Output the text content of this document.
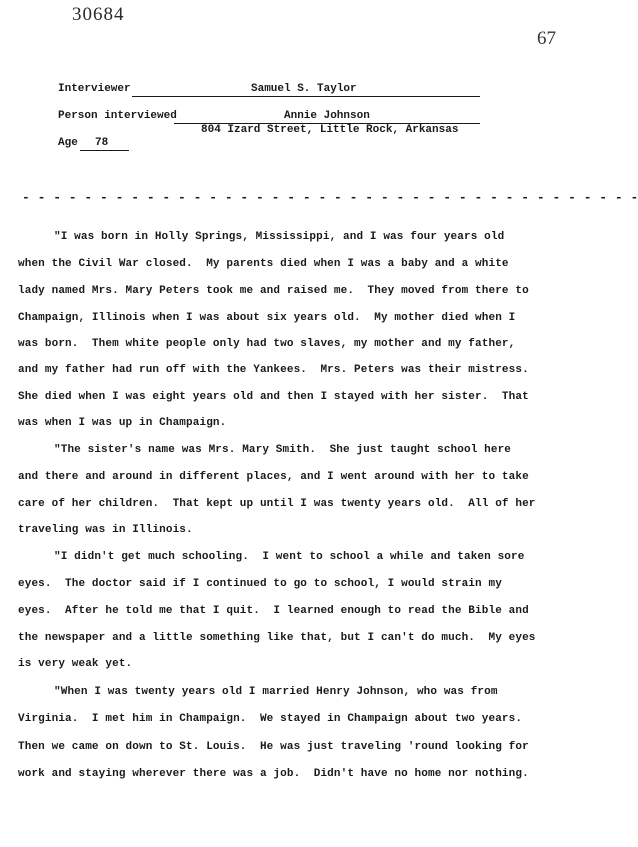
30684
67
Interviewer	Samuel S. Taylor
Person interviewed	Annie Johnson
804 Izard Street, Little Rock, Arkansas
Age 78
- - - - - - - - - - - - - - - - - - - - - - - - - - - - - - - - - - - - - - - -
"I was born in Holly Springs, Mississippi, and I was four years old
when the Civil War closed.  My parents died when I was a baby and a white
lady named Mrs. Mary Peters took me and raised me.  They moved from there to
Champaign, Illinois when I was about six years old.  My mother died when I
was born.  Them white people only had two slaves, my mother and my father,
and my father had run off with the Yankees.  Mrs. Peters was their mistress.
She died when I was eight years old and then I stayed with her sister.  That
was when I was up in Champaign.
"The sister's name was Mrs. Mary Smith.  She just taught school here
and there and around in different places, and I went around with her to take
care of her children.  That kept up until I was twenty years old.  All of her
traveling was in Illinois.
"I didn't get much schooling.  I went to school a while and taken sore
eyes.  The doctor said if I continued to go to school, I would strain my
eyes.  After he told me that I quit.  I learned enough to read the Bible and
the newspaper and a little something like that, but I can't do much.  My eyes
is very weak yet.
"When I was twenty years old I married Henry Johnson, who was from
Virginia.  I met him in Champaign.  We stayed in Champaign about two years.
Then we came on down to St. Louis.  He was just traveling 'round looking for
work and staying wherever there was a job.  Didn't have no home nor nothing.
